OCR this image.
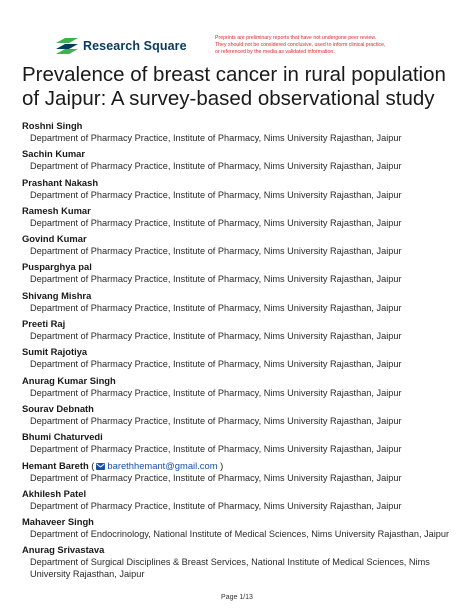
Research Square
Preprints are preliminary reports that have not undergone peer review.
They should not be considered conclusive, used to inform clinical practice,
or referenced by the media as validated information.
Prevalence of breast cancer in rural population of Jaipur: A survey-based observational study
Roshni Singh
Department of Pharmacy Practice, Institute of Pharmacy, Nims University Rajasthan, Jaipur
Sachin Kumar
Department of Pharmacy Practice, Institute of Pharmacy, Nims University Rajasthan, Jaipur
Prashant Nakash
Department of Pharmacy Practice, Institute of Pharmacy, Nims University Rajasthan, Jaipur
Ramesh Kumar
Department of Pharmacy Practice, Institute of Pharmacy, Nims University Rajasthan, Jaipur
Govind Kumar
Department of Pharmacy Practice, Institute of Pharmacy, Nims University Rajasthan, Jaipur
Pusparghya pal
Department of Pharmacy Practice, Institute of Pharmacy, Nims University Rajasthan, Jaipur
Shivang Mishra
Department of Pharmacy Practice, Institute of Pharmacy, Nims University Rajasthan, Jaipur
Preeti Raj
Department of Pharmacy Practice, Institute of Pharmacy, Nims University Rajasthan, Jaipur
Sumit Rajotiya
Department of Pharmacy Practice, Institute of Pharmacy, Nims University Rajasthan, Jaipur
Anurag Kumar Singh
Department of Pharmacy Practice, Institute of Pharmacy, Nims University Rajasthan, Jaipur
Sourav Debnath
Department of Pharmacy Practice, Institute of Pharmacy, Nims University Rajasthan, Jaipur
Bhumi Chaturvedi
Department of Pharmacy Practice, Institute of Pharmacy, Nims University Rajasthan, Jaipur
Hemant Bareth ( barethhemant@gmail.com )
Department of Pharmacy Practice, Institute of Pharmacy, Nims University Rajasthan, Jaipur
Akhilesh Patel
Department of Pharmacy Practice, Institute of Pharmacy, Nims University Rajasthan, Jaipur
Mahaveer Singh
Department of Endocrinology, National Institute of Medical Sciences, Nims University Rajasthan, Jaipur
Anurag Srivastava
Department of Surgical Disciplines & Breast Services, National Institute of Medical Sciences, Nims University Rajasthan, Jaipur
Page 1/13
